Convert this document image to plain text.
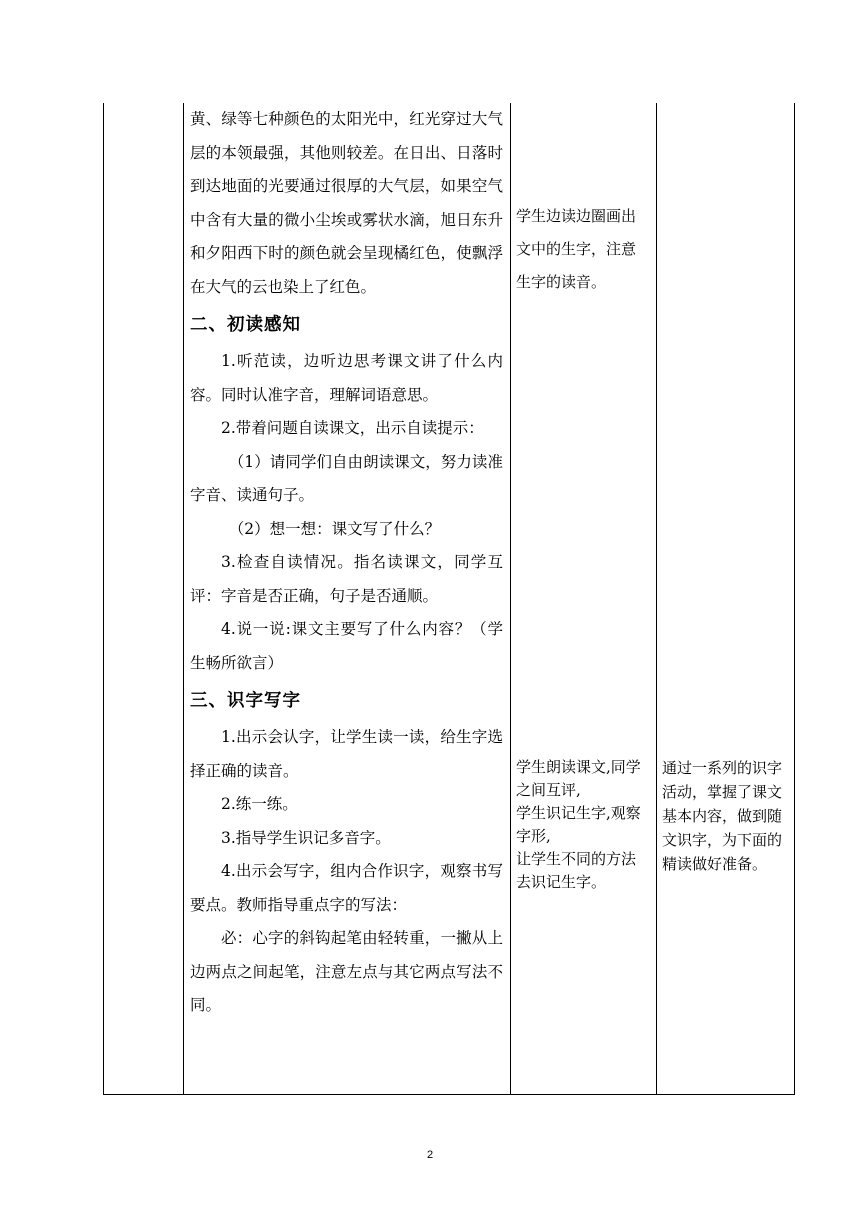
黄、绿等七种颜色的太阳光中，红光穿过大气层的本领最强，其他则较差。在日出、日落时到达地面的光要通过很厚的大气层，如果空气中含有大量的微小尘埃或雾状水滴，旭日东升和夕阳西下时的颜色就会呈现橘红色，使飘浮在大气的云也染上了红色。

二、初读感知

1.听范读，边听边思考课文讲了什么内容。同时认准字音，理解词语意思。

2.带着问题自读课文，出示自读提示：

（1）请同学们自由朗读课文，努力读准字音、读通句子。

（2）想一想：课文写了什么？

3.检查自读情况。指名读课文，同学互评：字音是否正确，句子是否通顺。

4.说一说:课文主要写了什么内容？（学生畅所欲言）

三、识字写字

1.出示会认字，让学生读一读，给生字选择正确的读音。

2.练一练。

3.指导学生识记多音字。

4.出示会写字，组内合作识字，观察书写要点。教师指导重点字的写法：

必：心字的斜钩起笔由轻转重，一撇从上边两点之间起笔，注意左点与其它两点写法不同。

学生边读边圈画出文中的生字，注意生字的读音。

学生朗读课文,同学之间互评,

学生识记生字,观察字形,

让学生不同的方法去识记生字。

通过一系列的识字活动，掌握了课文基本内容，做到随文识字，为下面的精读做好准备。

2
